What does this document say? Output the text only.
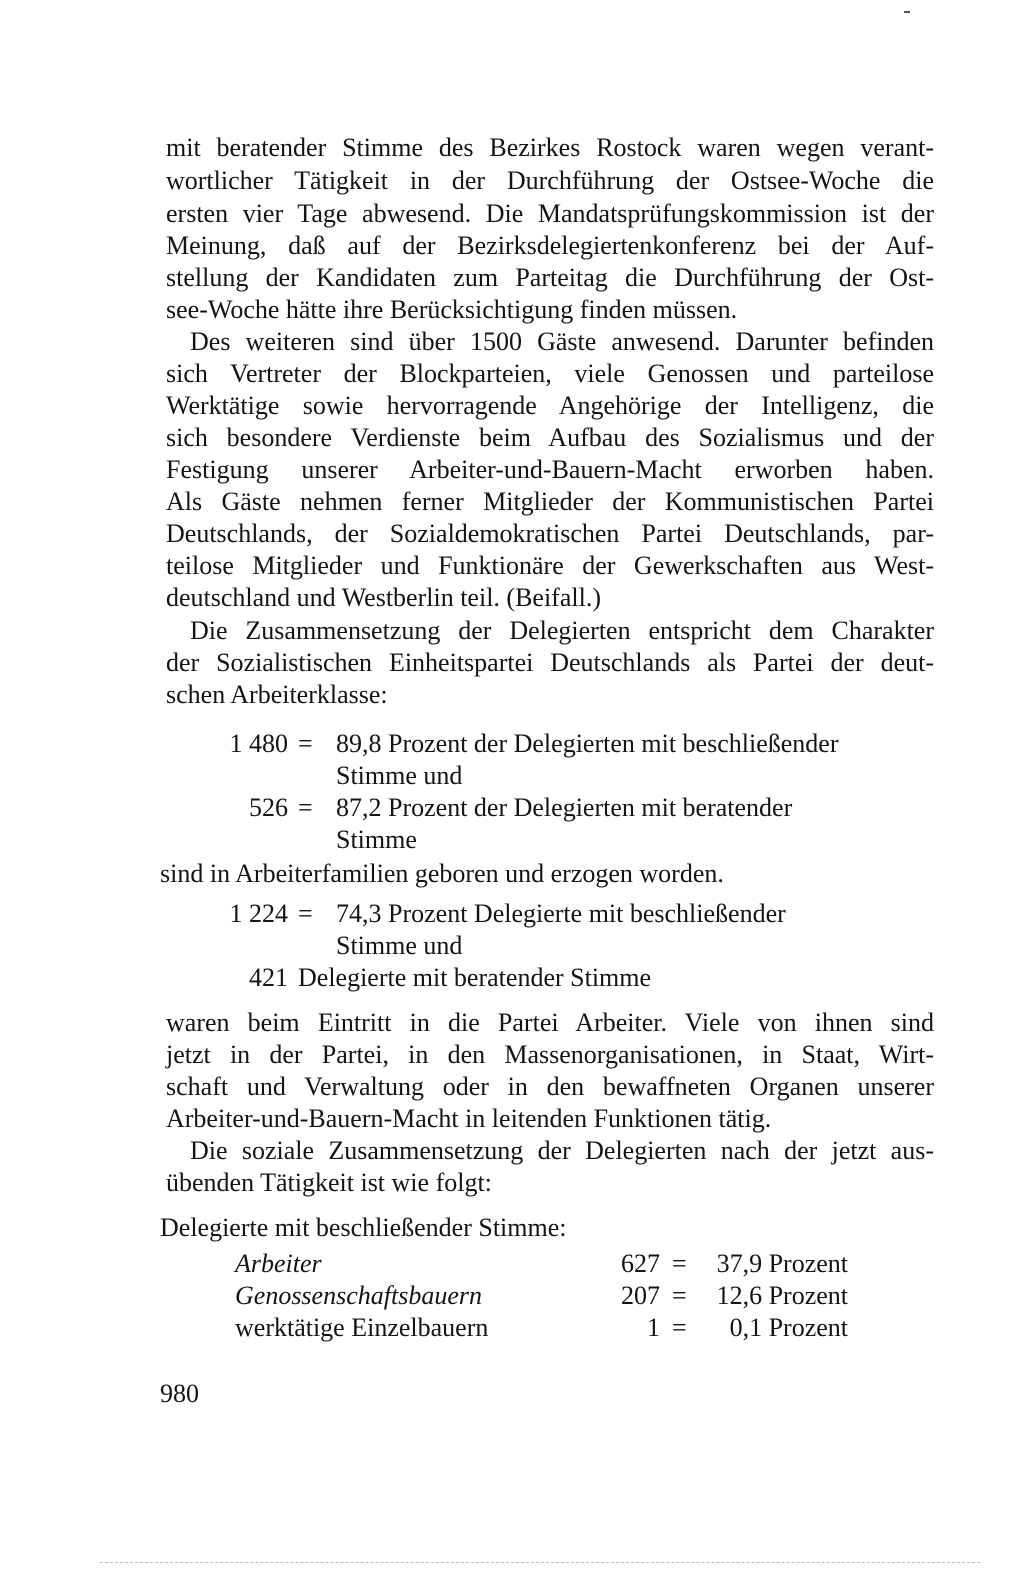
mit beratender Stimme des Bezirkes Rostock waren wegen verant-
wortlicher Tätigkeit in der Durchführung der Ostsee-Woche die
ersten vier Tage abwesend. Die Mandatsprüfungskommission ist der
Meinung, daß auf der Bezirksdelegiertenkonferenz bei der Auf-
stellung der Kandidaten zum Parteitag die Durchführung der Ost-
see-Woche hätte ihre Berücksichtigung finden müssen.
Des weiteren sind über 1500 Gäste anwesend. Darunter befinden
sich Vertreter der Blockparteien, viele Genossen und parteilose
Werktätige sowie hervorragende Angehörige der Intelligenz, die
sich besondere Verdienste beim Aufbau des Sozialismus und der
Festigung unserer Arbeiter-und-Bauern-Macht erworben haben.
Als Gäste nehmen ferner Mitglieder der Kommunistischen Partei
Deutschlands, der Sozialdemokratischen Partei Deutschlands, par-
teilose Mitglieder und Funktionäre der Gewerkschaften aus West-
deutschland und Westberlin teil. (Beifall.)
Die Zusammensetzung der Delegierten entspricht dem Charakter
der Sozialistischen Einheitspartei Deutschlands als Partei der deut-
schen Arbeiterklasse:
1 480 = 89,8 Prozent der Delegierten mit beschließender
Stimme und
526 = 87,2 Prozent der Delegierten mit beratender
Stimme
sind in Arbeiterfamilien geboren und erzogen worden.
1 224 = 74,3 Prozent Delegierte mit beschließender
Stimme und
421 Delegierte mit beratender Stimme
waren beim Eintritt in die Partei Arbeiter. Viele von ihnen sind
jetzt in der Partei, in den Massenorganisationen, in Staat, Wirt-
schaft und Verwaltung oder in den bewaffneten Organen unserer
Arbeiter-und-Bauern-Macht in leitenden Funktionen tätig.
Die soziale Zusammensetzung der Delegierten nach der jetzt aus-
übenden Tätigkeit ist wie folgt:
Delegierte mit beschließender Stimme:
Arbeiter	627 =	37,9 Prozent
Genossenschaftsbauern	207 =	12,6 Prozent
werktätige Einzelbauern	1 =	0,1 Prozent
980
